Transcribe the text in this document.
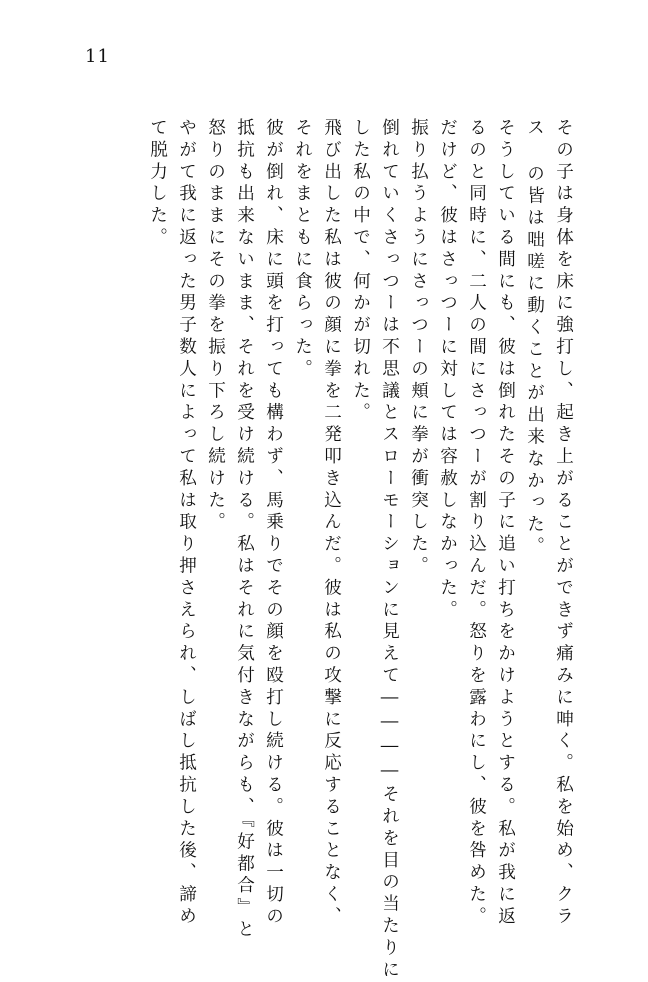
11
その子は身体を床に強打し、起き上がることができず痛みに呻く。私を始め、クラ
ス の皆は咄嗟に動くことが出来なかった。
そうしている間にも、彼は倒れたその子に追い打ちをかけようとする。私が我に返
るのと同時に、二人の間にさっつーが割り込んだ。怒りを露わにし、彼を咎めた。
だけど、彼はさっつーに対しては容赦しなかった。
振り払うようにさっつーの頬に拳が衝突した。
倒れていくさっつーは不思議とスローモーションに見えて――――それを目の当たりに
した私の中で、何かが切れた。
飛び出した私は彼の顔に拳を二発叩き込んだ。彼は私の攻撃に反応することなく、
それをまともに食らった。
彼が倒れ、床に頭を打っても構わず、馬乗りでその顔を殴打し続ける。彼は一切の
抵抗も出来ないまま、それを受け続ける。私はそれに気付きながらも、『好都合』と
怒りのままにその拳を振り下ろし続けた。
やがて我に返った男子数人によって私は取り押さえられ、しばし抵抗した後、諦め
て脱力した。
